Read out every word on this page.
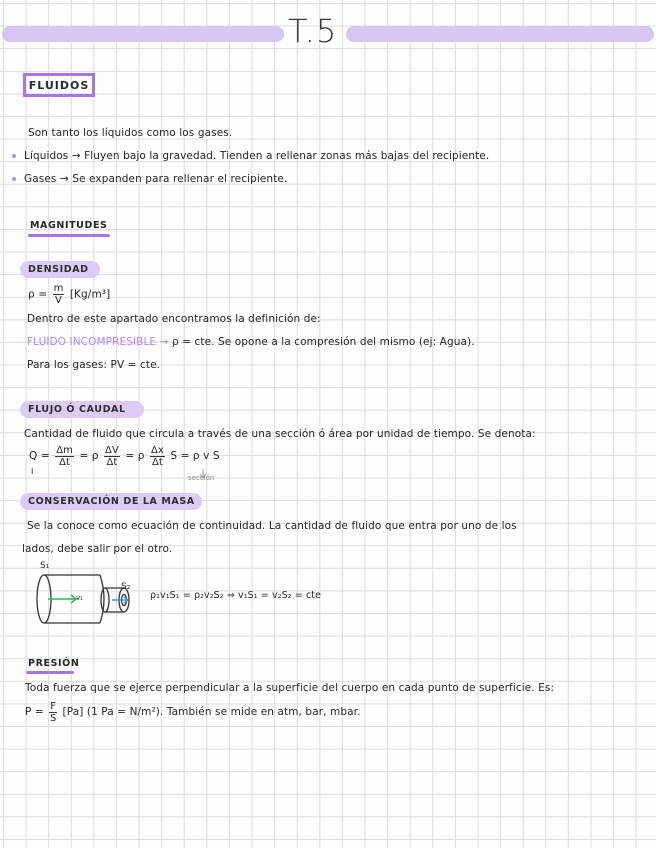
T.5
FLUIDOS
Son tanto los líquidos como los gases.
Líquidos → Fluyen bajo la gravedad. Tienden a rellenar zonas más bajas del recipiente.
Gases → Se expanden para rellenar el recipiente.
MAGNITUDES
DENSIDAD
$\rho = \frac{m}{V} [Kg/m^3]$
Dentro de este apartado encontramos la definición de:
FLUIDO INCOMPRESIBLE → ρ = cte. Se opone a la compresión del mismo (ej: Agua).
Para los gases: PV = cte.
FLUJO Ó CAUDAL
Cantidad de fluido que circula a través de una sección ó área por unidad de tiempo. Se denota:
$Q = \frac{\Delta m}{\Delta t} = \rho \frac{\Delta V}{\Delta t} = \rho \frac{\Delta x}{\Delta t}$ S = ρ v S
I
sección
CONSERVACIÓN DE LA MASA
Se la conoce como ecuación de continuidad. La cantidad de fluido que entra por uno de los
lados, debe salir por el otro.
S₁
S₂
v₁	ρ₁v₁S₁ = ρ₂v₂S₂ ⇒ v₁S₁ = v₂S₂ = cte
PRESIÓN
Toda fuerza que se ejerce perpendicular a la superficie del cuerpo en cada punto de superficie. Es:
$P = \frac{F}{S} [Pa]$ (1 Pa = N/m²). También se mide en atm, bar, mbar.
